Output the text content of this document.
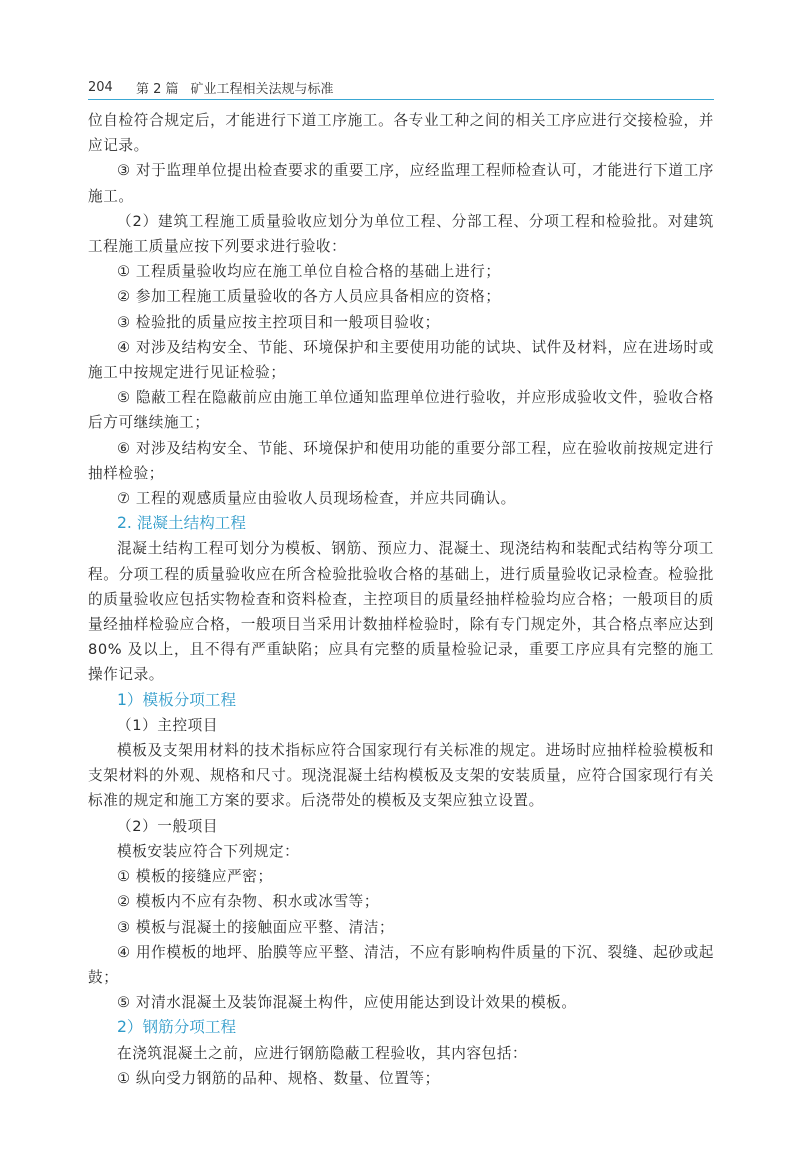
204	第 2 篇 矿业工程相关法规与标准

位自检符合规定后，才能进行下道工序施工。各专业工种之间的相关工序应进行交接检验，并应记录。

③ 对于监理单位提出检查要求的重要工序，应经监理工程师检查认可，才能进行下道工序施工。

（2）建筑工程施工质量验收应划分为单位工程、分部工程、分项工程和检验批。对建筑工程施工质量应按下列要求进行验收：

① 工程质量验收均应在施工单位自检合格的基础上进行；

② 参加工程施工质量验收的各方人员应具备相应的资格；

③ 检验批的质量应按主控项目和一般项目验收；

④ 对涉及结构安全、节能、环境保护和主要使用功能的试块、试件及材料，应在进场时或施工中按规定进行见证检验；

⑤ 隐蔽工程在隐蔽前应由施工单位通知监理单位进行验收，并应形成验收文件，验收合格后方可继续施工；

⑥ 对涉及结构安全、节能、环境保护和使用功能的重要分部工程，应在验收前按规定进行抽样检验；

⑦ 工程的观感质量应由验收人员现场检查，并应共同确认。

2. 混凝土结构工程

混凝土结构工程可划分为模板、钢筋、预应力、混凝土、现浇结构和装配式结构等分项工程。分项工程的质量验收应在所含检验批验收合格的基础上，进行质量验收记录检查。检验批的质量验收应包括实物检查和资料检查，主控项目的质量经抽样检验均应合格；一般项目的质量经抽样检验应合格，一般项目当采用计数抽样检验时，除有专门规定外，其合格点率应达到 80% 及以上，且不得有严重缺陷；应具有完整的质量检验记录，重要工序应具有完整的施工操作记录。

1）模板分项工程

（1）主控项目

模板及支架用材料的技术指标应符合国家现行有关标准的规定。进场时应抽样检验模板和支架材料的外观、规格和尺寸。现浇混凝土结构模板及支架的安装质量，应符合国家现行有关标准的规定和施工方案的要求。后浇带处的模板及支架应独立设置。

（2）一般项目

模板安装应符合下列规定：

① 模板的接缝应严密；

② 模板内不应有杂物、积水或冰雪等；

③ 模板与混凝土的接触面应平整、清洁；

④ 用作模板的地坪、胎膜等应平整、清洁，不应有影响构件质量的下沉、裂缝、起砂或起鼓；

⑤ 对清水混凝土及装饰混凝土构件，应使用能达到设计效果的模板。

2）钢筋分项工程

在浇筑混凝土之前，应进行钢筋隐蔽工程验收，其内容包括：

① 纵向受力钢筋的品种、规格、数量、位置等；
